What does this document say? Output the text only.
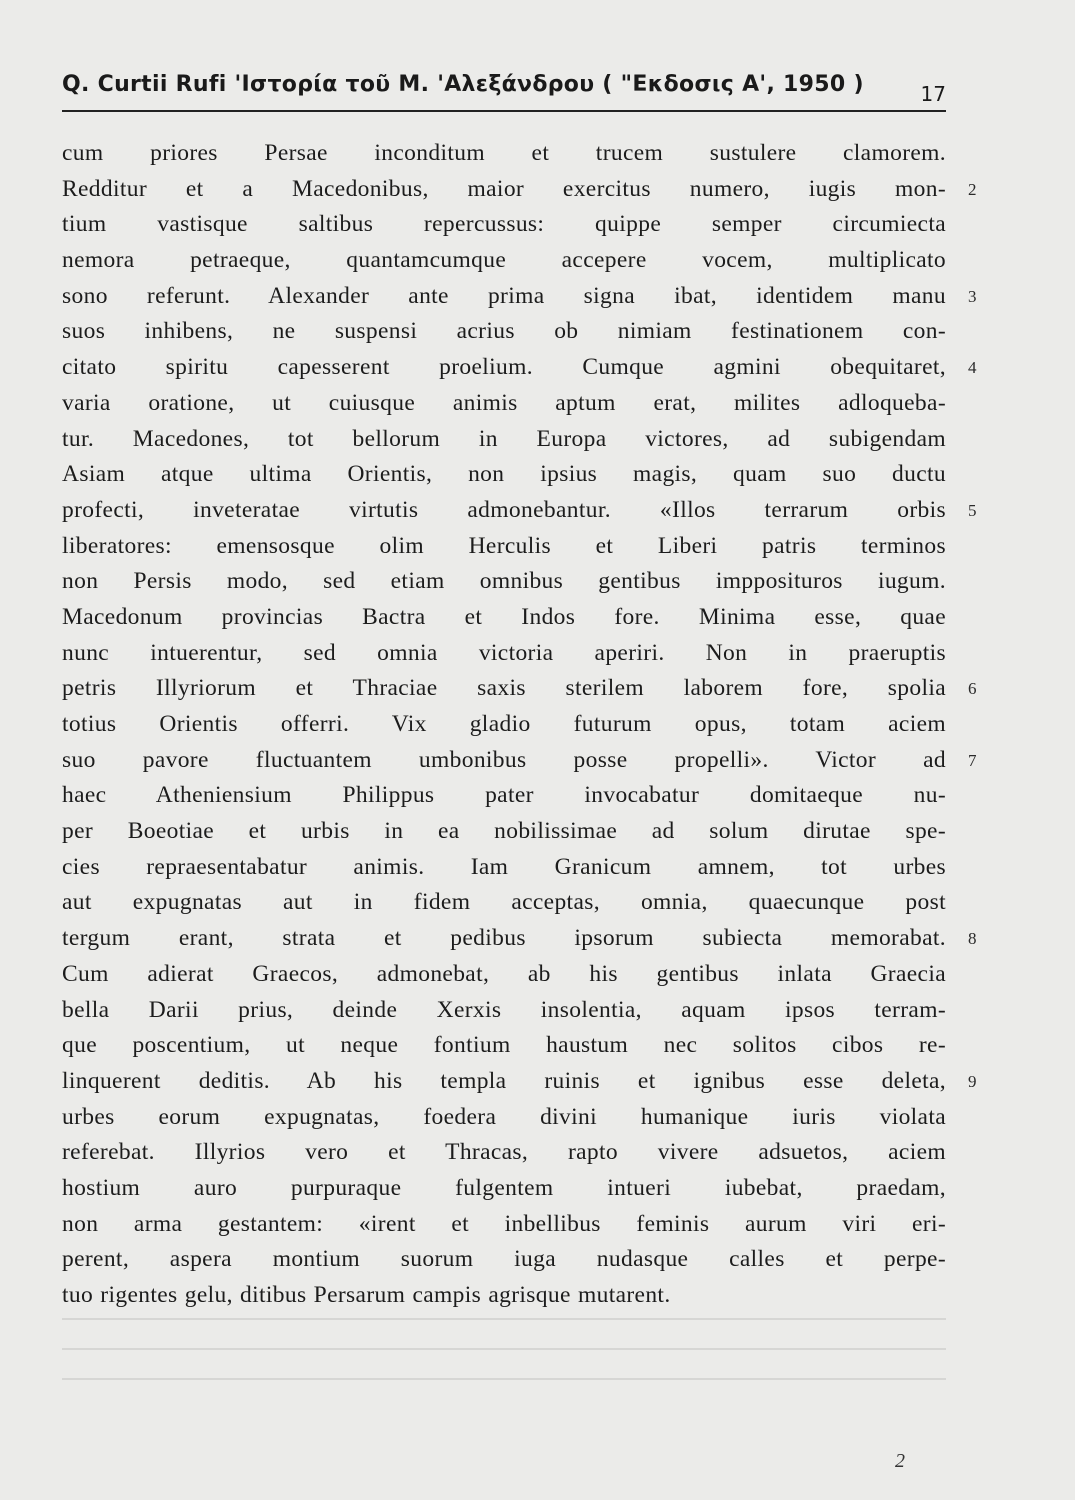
Q. Curtii Rufi 'Ιστορία τοῦ Μ. 'Αλεξάνδρου ( "Εκδοσις Α', 1950 )	17
cum priores Persae inconditum et trucem sustulere clamorem.
Redditur et a Macedonibus, maior exercitus numero, iugis mon- 2
tium vastisque saltibus repercussus: quippe semper circumiecta
nemora petraeque, quantamcumque accepere vocem, multiplicato
sono referunt. Alexander ante prima signa ibat, identidem manu 3
suos inhibens, ne suspensi acrius ob nimiam festinationem con-
citato spiritu capesserent proelium. Cumque agmini obequitaret, 4
varia oratione, ut cuiusque animis aptum erat, milites adloqueba-
tur. Macedones, tot bellorum in Europa victores, ad subigendam
Asiam atque ultima Orientis, non ipsius magis, quam suo ductu
profecti, inveteratae virtutis admonebantur. «Illos terrarum orbis 5
liberatores: emensosque olim Herculis et Liberi patris terminos
non Persis modo, sed etiam omnibus gentibus impposituros iugum.
Macedonum provincias Bactra et Indos fore. Minima esse, quae
nunc intuerentur, sed omnia victoria aperiri. Non in praeruptis
petris Illyriorum et Thraciae saxis sterilem laborem fore, spolia 6
totius Orientis offerri. Vix gladio futurum opus, totam aciem
suo pavore fluctuantem umbonibus posse propelli». Victor ad 7
haec Atheniensium Philippus pater invocabatur domitaeque nu-
per Boeotiae et urbis in ea nobilissimae ad solum dirutae spe-
cies repraesentabatur animis. Iam Granicum amnem, tot urbes
aut expugnatas aut in fidem acceptas, omnia, quaecunque post
tergum erant, strata et pedibus ipsorum subiecta memorabat. 8
Cum adierat Graecos, admonebat, ab his gentibus inlata Graecia
bella Darii prius, deinde Xerxis insolentia, aquam ipsos terram-
que poscentium, ut neque fontium haustum nec solitos cibos re-
linquerent deditis. Ab his templa ruinis et ignibus esse deleta, 9
urbes eorum expugnatas, foedera divini humanique iuris violata
referebat. Illyrios vero et Thracas, rapto vivere adsuetos, aciem
hostium auro purpuraque fulgentem intueri iubebat, praedam,
non arma gestantem: «irent et inbellibus feminis aurum viri eri-
perent, aspera montium suorum iuga nudasque calles et perpe-
tuo rigentes gelu, ditibus Persarum campis agrisque mutarent.
2
